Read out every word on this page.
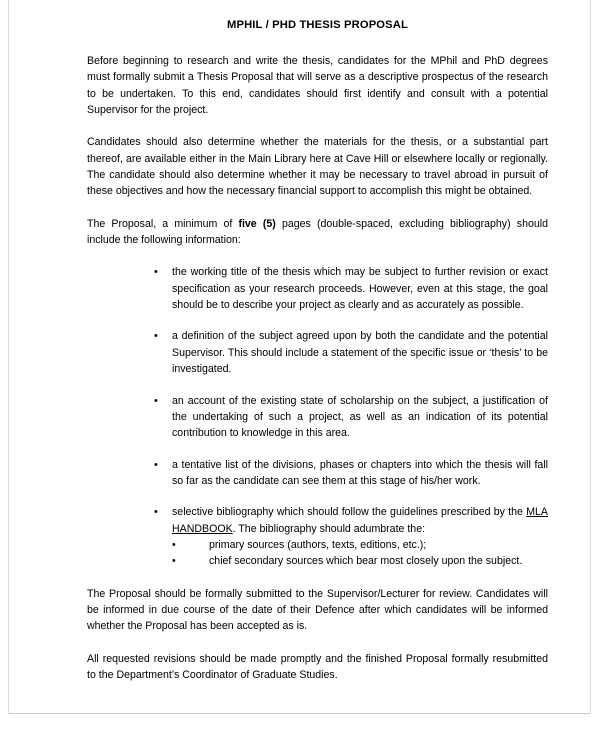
MPHIL / PHD THESIS PROPOSAL

Before beginning to research and write the thesis, candidates for the MPhil and PhD degrees must formally submit a Thesis Proposal that will serve as a descriptive prospectus of the research to be undertaken. To this end, candidates should first identify and consult with a potential Supervisor for the project.

Candidates should also determine whether the materials for the thesis, or a substantial part thereof, are available either in the Main Library here at Cave Hill or elsewhere locally or regionally. The candidate should also determine whether it may be necessary to travel abroad in pursuit of these objectives and how the necessary financial support to accomplish this might be obtained.

The Proposal, a minimum of five (5) pages (double-spaced, excluding bibliography) should include the following information:

• the working title of the thesis which may be subject to further revision or exact specification as your research proceeds. However, even at this stage, the goal should be to describe your project as clearly and as accurately as possible.
• a definition of the subject agreed upon by both the candidate and the potential Supervisor. This should include a statement of the specific issue or ‘thesis’ to be investigated.
• an account of the existing state of scholarship on the subject, a justification of the undertaking of such a project, as well as an indication of its potential contribution to knowledge in this area.
• a tentative list of the divisions, phases or chapters into which the thesis will fall so far as the candidate can see them at this stage of his/her work.
• selective bibliography which should follow the guidelines prescribed by the MLA HANDBOOK. The bibliography should adumbrate the:
•	primary sources (authors, texts, editions, etc.);
•	chief secondary sources which bear most closely upon the subject.

The Proposal should be formally submitted to the Supervisor/Lecturer for review. Candidates will be informed in due course of the date of their Defence after which candidates will be informed whether the Proposal has been accepted as is.

All requested revisions should be made promptly and the finished Proposal formally resubmitted to the Department’s Coordinator of Graduate Studies.
